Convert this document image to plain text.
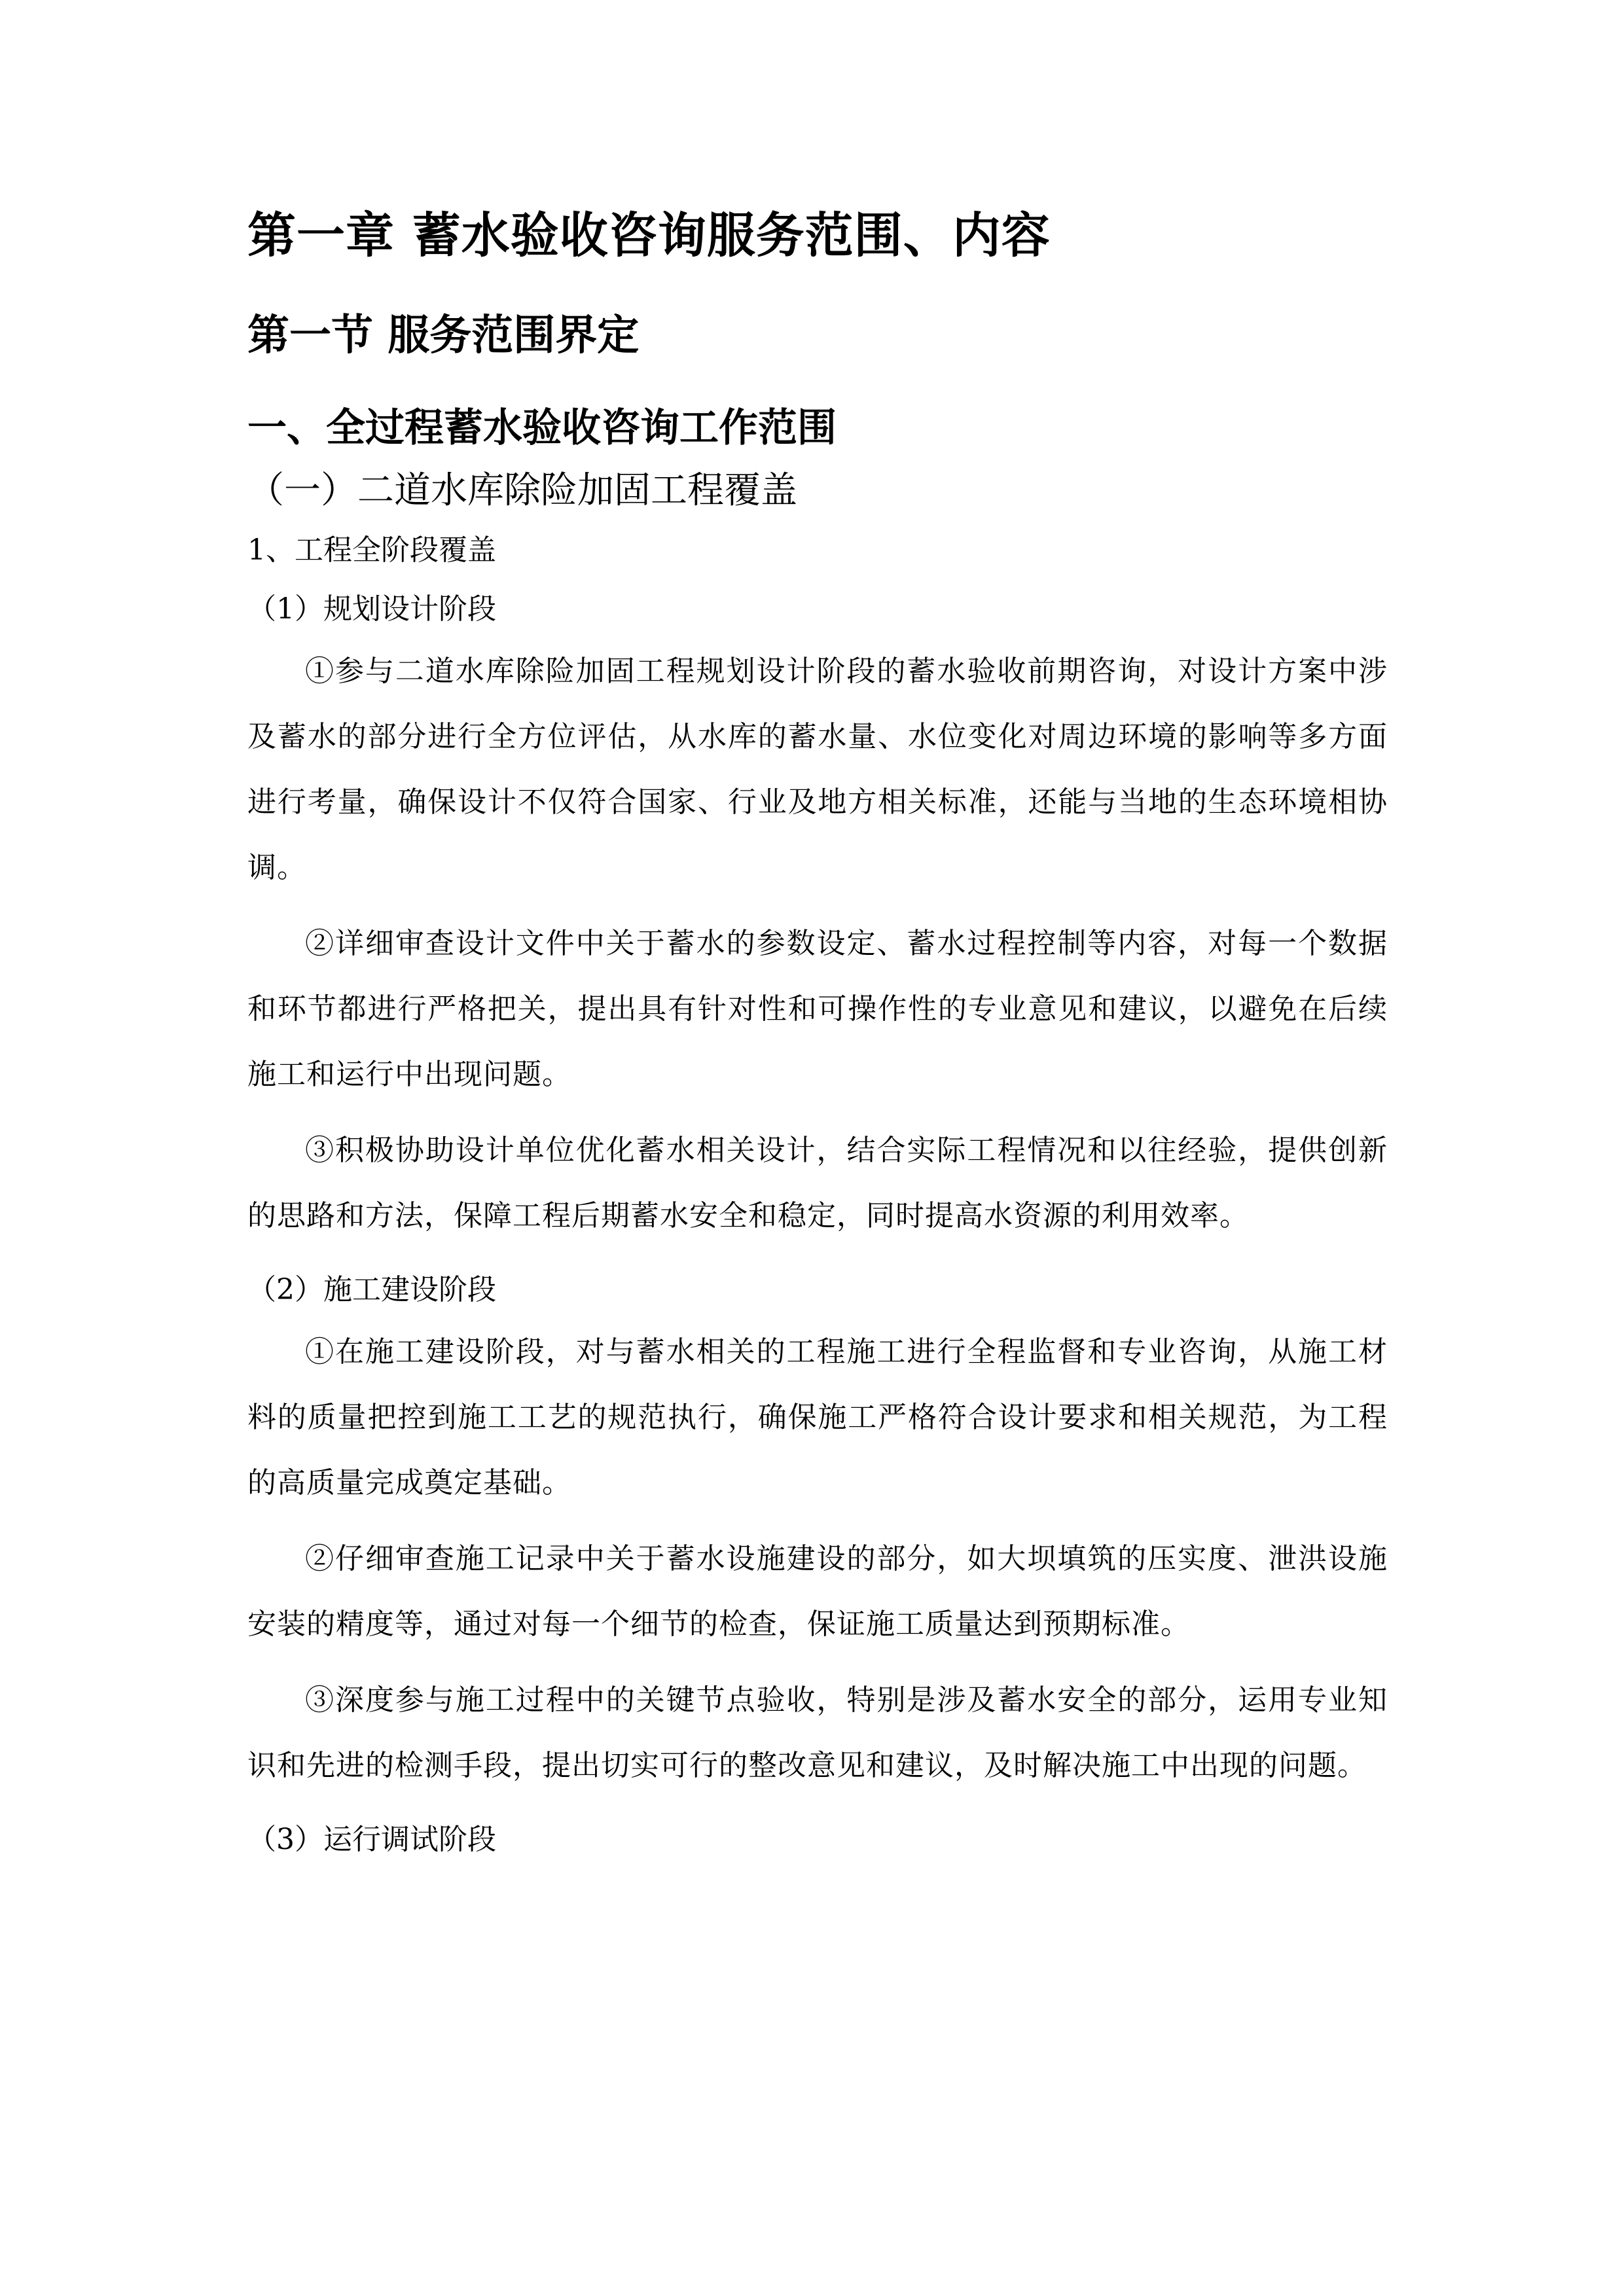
第一章 蓄水验收咨询服务范围、内容
第一节 服务范围界定
一、全过程蓄水验收咨询工作范围
（一）二道水库除险加固工程覆盖
1、工程全阶段覆盖
（1）规划设计阶段

①参与二道水库除险加固工程规划设计阶段的蓄水验收前期咨询，对设计方案中涉及蓄水的部分进行全方位评估，从水库的蓄水量、水位变化对周边环境的影响等多方面进行考量，确保设计不仅符合国家、行业及地方相关标准，还能与当地的生态环境相协调。

②详细审查设计文件中关于蓄水的参数设定、蓄水过程控制等内容，对每一个数据和环节都进行严格把关，提出具有针对性和可操作性的专业意见和建议，以避免在后续施工和运行中出现问题。

③积极协助设计单位优化蓄水相关设计，结合实际工程情况和以往经验，提供创新的思路和方法，保障工程后期蓄水安全和稳定，同时提高水资源的利用效率。

（2）施工建设阶段

①在施工建设阶段，对与蓄水相关的工程施工进行全程监督和专业咨询，从施工材料的质量把控到施工工艺的规范执行，确保施工严格符合设计要求和相关规范，为工程的高质量完成奠定基础。

②仔细审查施工记录中关于蓄水设施建设的部分，如大坝填筑的压实度、泄洪设施安装的精度等，通过对每一个细节的检查，保证施工质量达到预期标准。

③深度参与施工过程中的关键节点验收，特别是涉及蓄水安全的部分，运用专业知识和先进的检测手段，提出切实可行的整改意见和建议，及时解决施工中出现的问题。

（3）运行调试阶段
